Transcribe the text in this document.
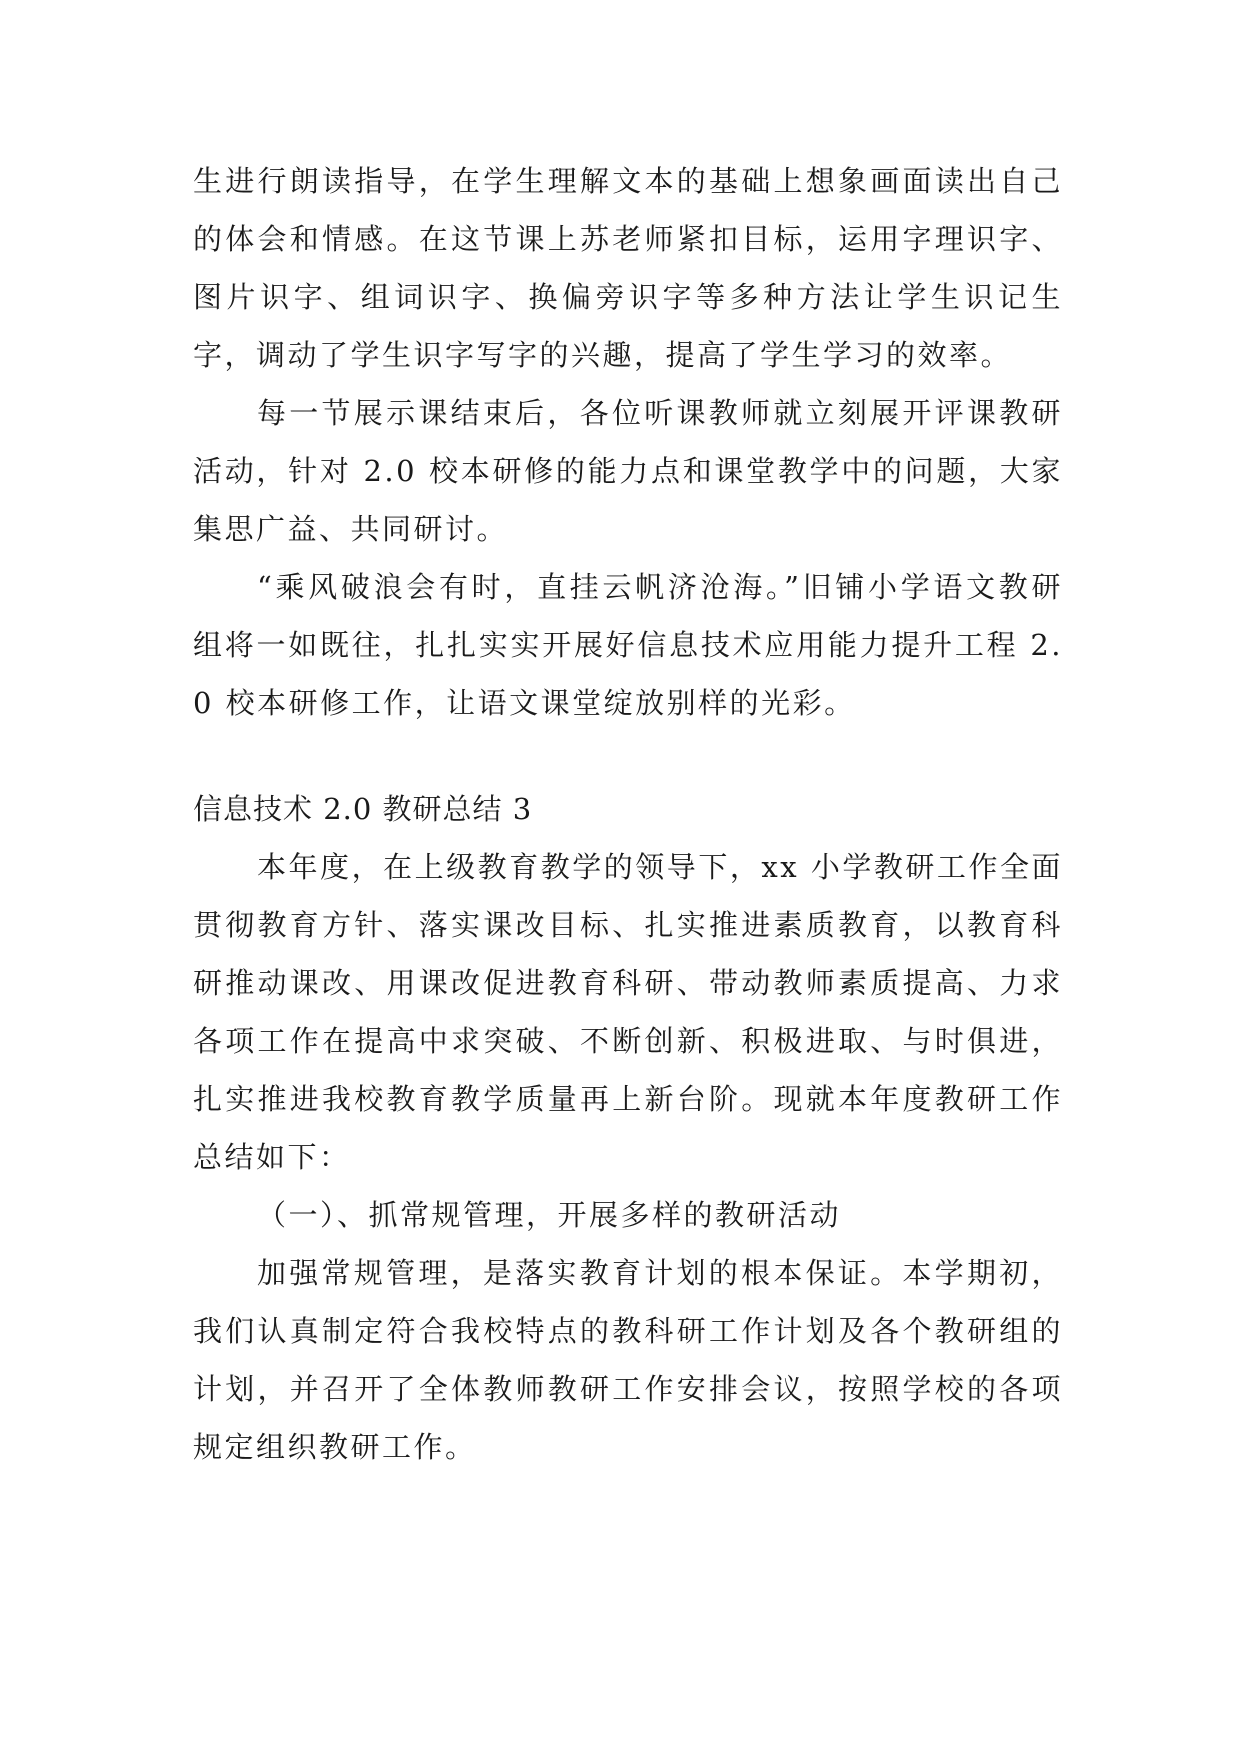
生进行朗读指导，在学生理解文本的基础上想象画面读出自己的体会和情感。在这节课上苏老师紧扣目标，运用字理识字、图片识字、组词识字、换偏旁识字等多种方法让学生识记生字，调动了学生识字写字的兴趣，提高了学生学习的效率。

每一节展示课结束后，各位听课教师就立刻展开评课教研活动，针对 2.0 校本研修的能力点和课堂教学中的问题，大家集思广益、共同研讨。

“乘风破浪会有时，直挂云帆济沧海。”旧铺小学语文教研组将一如既往，扎扎实实开展好信息技术应用能力提升工程 2.0 校本研修工作，让语文课堂绽放别样的光彩。

信息技术 2.0 教研总结 3

本年度，在上级教育教学的领导下，xx 小学教研工作全面贯彻教育方针、落实课改目标、扎实推进素质教育，以教育科研推动课改、用课改促进教育科研、带动教师素质提高、力求各项工作在提高中求突破、不断创新、积极进取、与时俱进，扎实推进我校教育教学质量再上新台阶。现就本年度教研工作总结如下：

（一）、抓常规管理，开展多样的教研活动

加强常规管理，是落实教育计划的根本保证。本学期初，我们认真制定符合我校特点的教科研工作计划及各个教研组的计划，并召开了全体教师教研工作安排会议，按照学校的各项规定组织教研工作。
